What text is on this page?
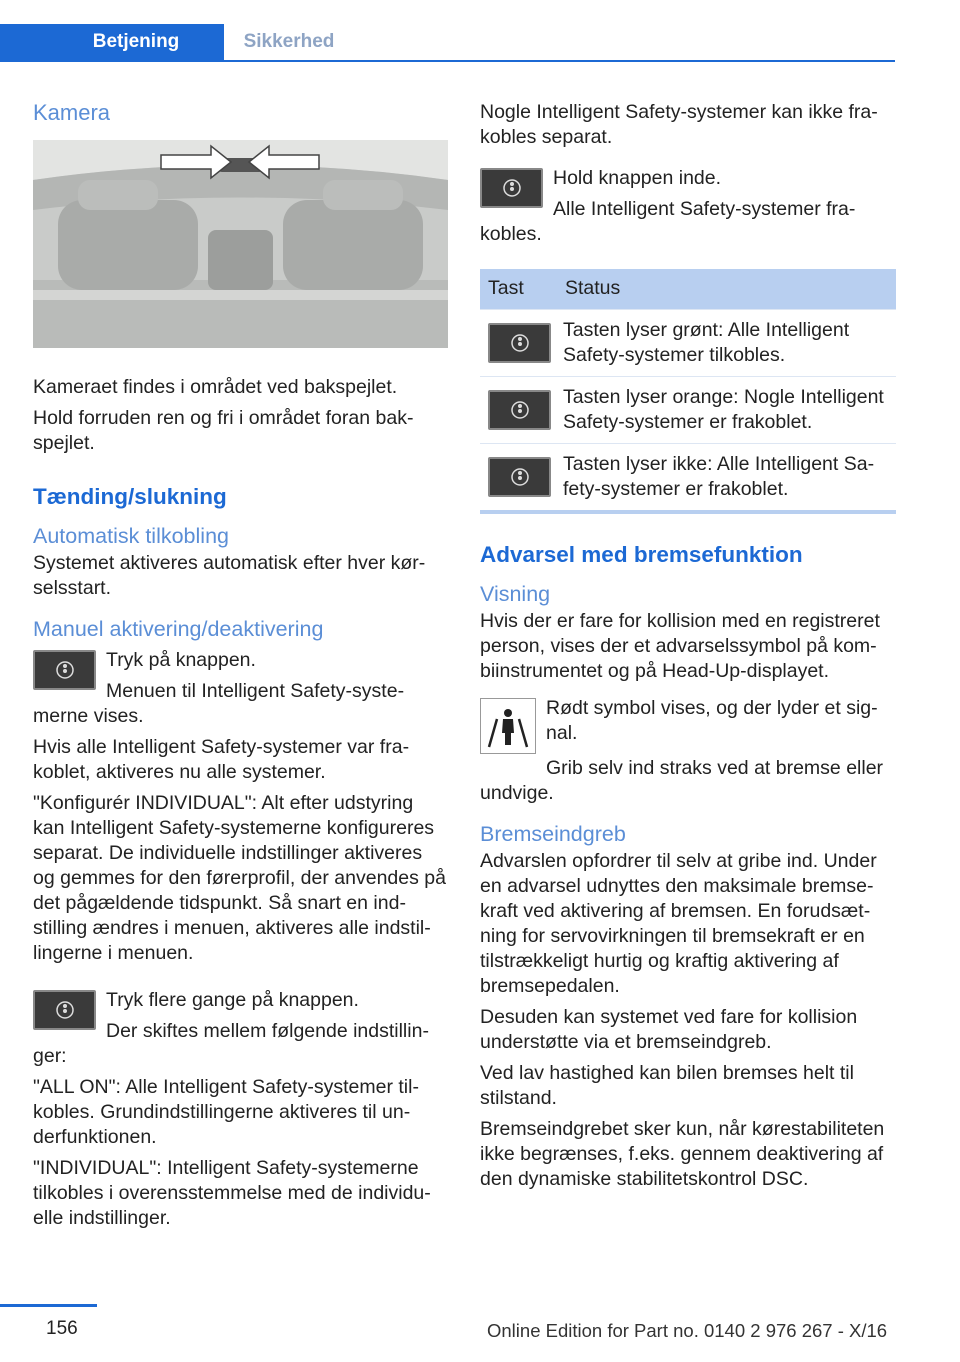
Betjening	Sikkerhed
Kamera

Kameraet findes i området ved bakspejlet.

Hold forruden ren og fri i området foran bakspejlet.

Tænding/slukning
Automatisk tilkobling

Systemet aktiveres automatisk efter hver kørselsstart.

Manuel aktivering/deaktivering

Tryk på knappen.

Menuen til Intelligent Safety-systemerne vises.

Hvis alle Intelligent Safety-systemer var frakoblet, aktiveres nu alle systemer.

"Konfigurér INDIVIDUAL": Alt efter udstyring kan Intelligent Safety-systemerne konfigureres separat. De individuelle indstillinger aktiveres og gemmes for den førerprofil, der anvendes på det pågældende tidspunkt. Så snart en indstilling ændres i menuen, aktiveres alle indstillingerne i menuen.

Tryk flere gange på knappen.

Der skiftes mellem følgende indstillinger:

"ALL ON": Alle Intelligent Safety-systemer tilkobles. Grundindstillingerne aktiveres til underfunktionen.

"INDIVIDUAL": Intelligent Safety-systemerne tilkobles i overensstemmelse med de individuelle indstillinger.

Nogle Intelligent Safety-systemer kan ikke frakobles separat.

Hold knappen inde.

Alle Intelligent Safety-systemer frakobles.

Tast	Status

	Tasten lyser grønt: Alle Intelligent Safety-systemer tilkobles.

	Tasten lyser orange: Nogle Intelligent Safety-systemer er frakoblet.

	Tasten lyser ikke: Alle Intelligent Safety-systemer er frakoblet.
Advarsel med bremsefunktion
Visning

Hvis der er fare for kollision med en registreret person, vises der et advarselssymbol på kombiinstrumentet og på Head-Up-displayet.

Rødt symbol vises, og der lyder et signal.

Grib selv ind straks ved at bremse eller undvige.

Bremseindgreb

Advarslen opfordrer til selv at gribe ind. Under en advarsel udnyttes den maksimale bremsekraft ved aktivering af bremsen. En forudsætning for servovirkningen til bremsekraft er en tilstrækkeligt hurtig og kraftig aktivering af bremsepedalen.

Desuden kan systemet ved fare for kollision understøtte via et bremseindgreb.

Ved lav hastighed kan bilen bremses helt til stilstand.

Bremseindgrebet sker kun, når kørestabiliteten ikke begrænses, f.eks. gennem deaktivering af den dynamiske stabilitetskontrol DSC.

156	Online Edition for Part no. 0140 2 976 267 - X/16
